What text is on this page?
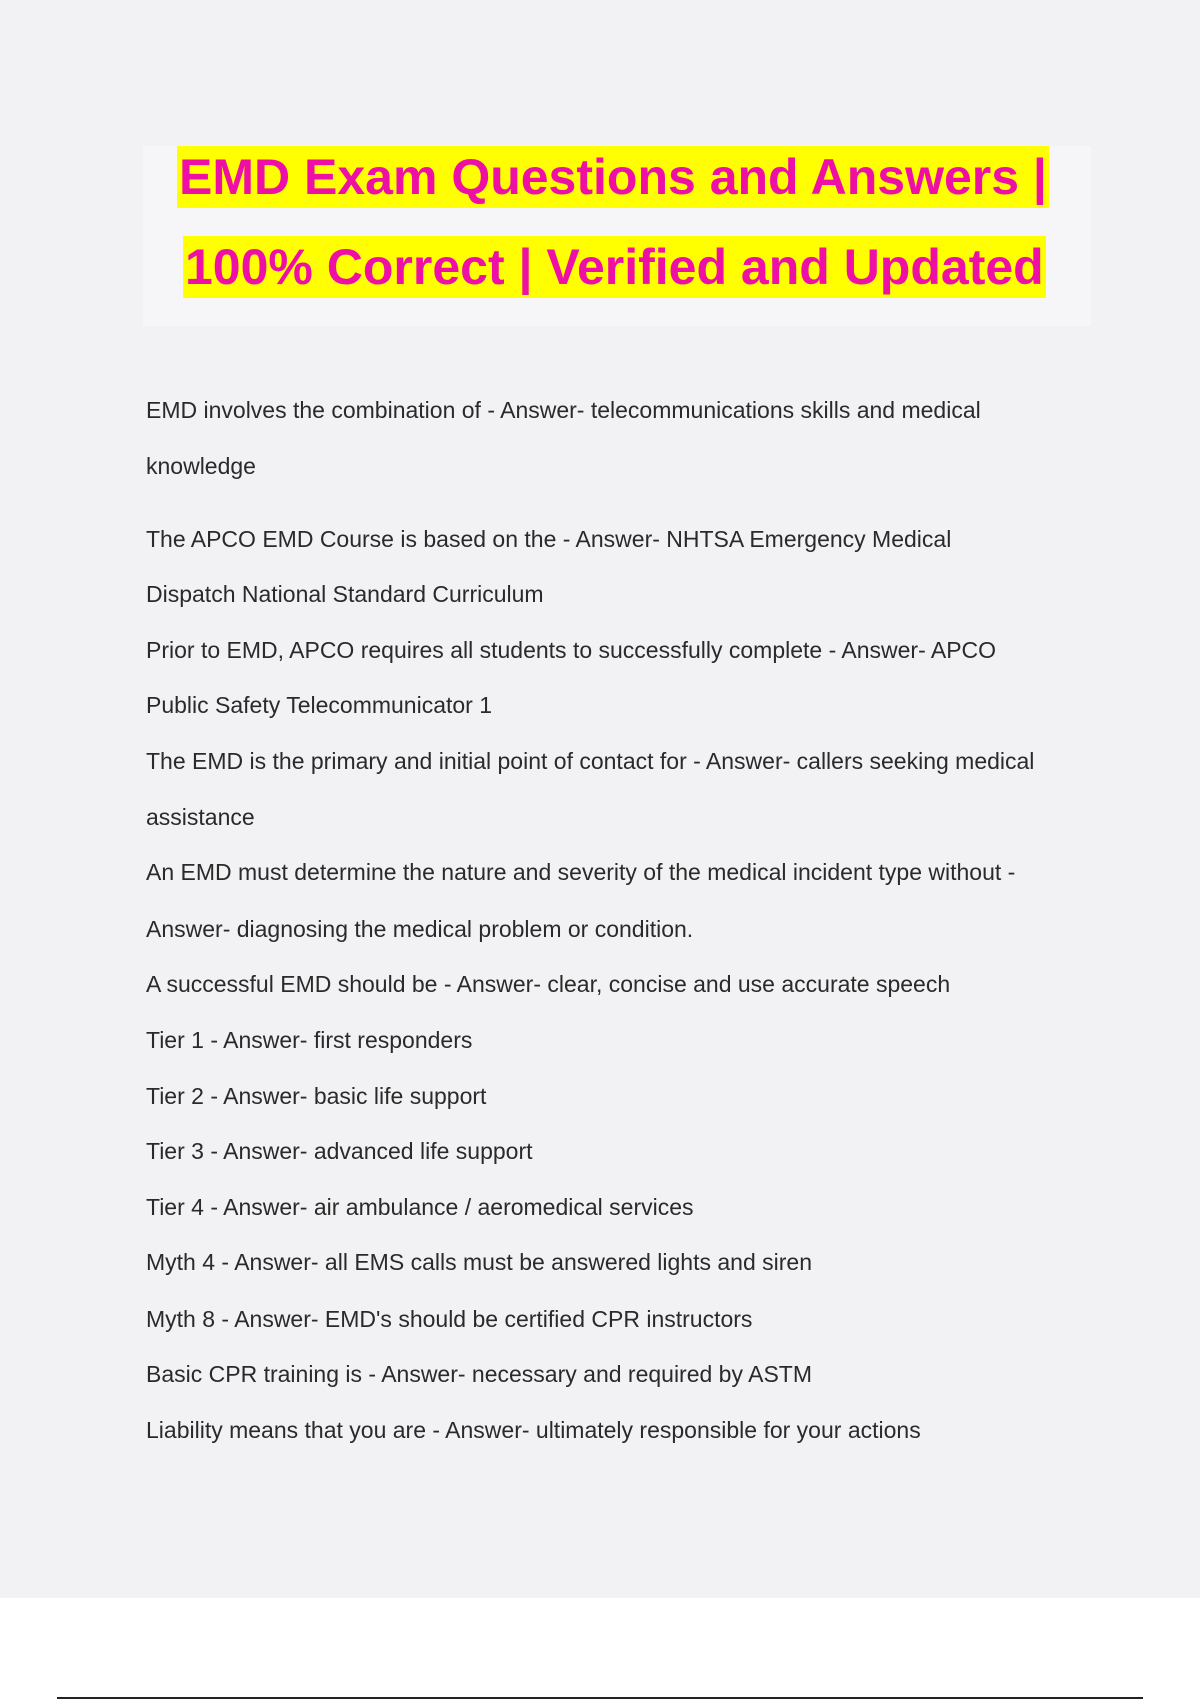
EMD Exam Questions and Answers |
100% Correct | Verified and Updated
EMD involves the combination of - Answer- telecommunications skills and medical
knowledge
The APCO EMD Course is based on the - Answer- NHTSA Emergency Medical
Dispatch National Standard Curriculum
Prior to EMD, APCO requires all students to successfully complete - Answer- APCO
Public Safety Telecommunicator 1
The EMD is the primary and initial point of contact for - Answer- callers seeking medical
assistance
An EMD must determine the nature and severity of the medical incident type without -
Answer- diagnosing the medical problem or condition.
A successful EMD should be - Answer- clear, concise and use accurate speech
Tier 1 - Answer- first responders
Tier 2 - Answer- basic life support
Tier 3 - Answer- advanced life support
Tier 4 - Answer- air ambulance / aeromedical services
Myth 4 - Answer- all EMS calls must be answered lights and siren
Myth 8 - Answer- EMD's should be certified CPR instructors
Basic CPR training is - Answer- necessary and required by ASTM
Liability means that you are - Answer- ultimately responsible for your actions
